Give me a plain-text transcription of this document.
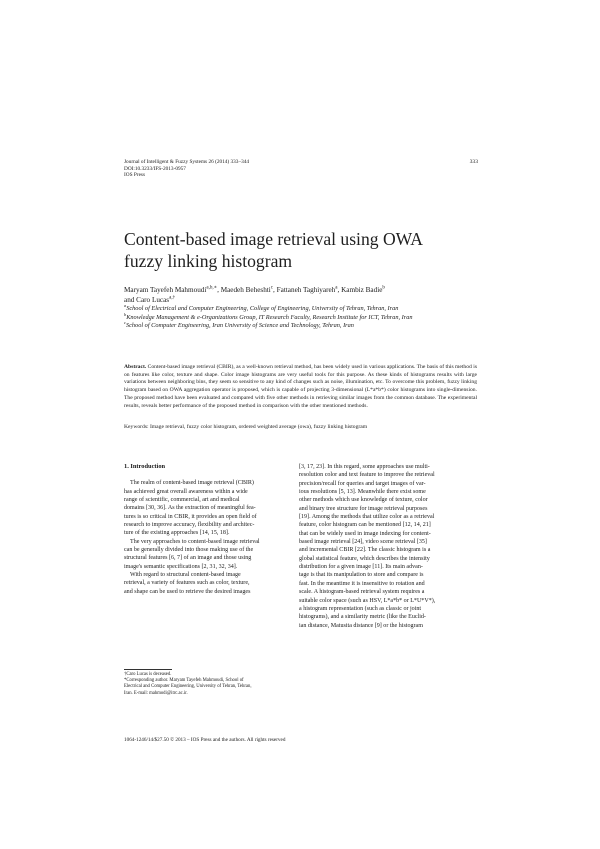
Journal of Intelligent & Fuzzy Systems 26 (2014) 333–344
DOI:10.3233/IFS-2013-0957
IOS Press
333
Content-based image retrieval using OWA
fuzzy linking histogram
Maryam Tayefeh Mahmoudi$^{a,b,∗}$, Maedeh Beheshti$^c$, Fattaneh Taghiyareh$^a$, Kambiz Badie$^b$
and Caro Lucas$^{a,\dagger}$
$^a$School of Electrical and Computer Engineering, College of Engineering, University of Tehran, Tehran, Iran
$^b$Knowledge Management & e-Organizations Group, IT Research Faculty, Research Institute for ICT, Tehran, Iran
$^c$School of Computer Engineering, Iran University of Science and Technology, Tehran, Iran
Abstract. Content-based image retrieval (CBIR), as a well-known retrieval method, has been widely used in various applications. The basis of this method is on features like color, texture and shape. Color image histograms are very useful tools for this purpose. As these kinds of histograms results with large variations between neighboring bins, they seem so sensitive to any kind of changes such as noise, illumination, etc. To overcome this problem, fuzzy linking histogram based on OWA aggregation operator is proposed, which is capable of projecting 3-dimensional (L*a*b*) color histograms into single-dimension. The proposed method have been evaluated and compared with five other methods in retrieving similar images from the common database. The experimental results, reveals better performance of the proposed method in comparison with the other mentioned methods.
Keywords: Image retrieval, fuzzy color histogram, ordered weighted average (owa), fuzzy linking histogram
1. Introduction
The realm of content-based image retrieval (CBIR)
has achieved great overall awareness within a wide
range of scientific, commercial, art and medical
domains [30, 36]. As the extraction of meaningful fea-
tures is so critical in CBIR, it provides an open field of
research to improve accuracy, flexibility and architec-
ture of the existing approaches [14, 15, 18].
The very approaches to content-based image retrieval
can be generally divided into those making use of the
structural features [6, 7] of an image and those using
image's semantic specifications [2, 31, 32, 34].
With regard to structural content-based image
retrieval, a variety of features such as color, texture,
and shape can be used to retrieve the desired images
[3, 17, 23]. In this regard, some approaches use multi-
resolution color and text feature to improve the retrieval
precision/recall for queries and target images of var-
ious resolutions [5, 13]. Meanwhile there exist some
other methods which use knowledge of texture, color
and binary tree structure for image retrieval purposes
[19]. Among the methods that utilize color as a retrieval
feature, color histogram can be mentioned [12, 14, 21]
that can be widely used in image indexing for content-
based image retrieval [24], video scene retrieval [35]
and incremental CBIR [22]. The classic histogram is a
global statistical feature, which describes the intensity
distribution for a given image [11]. Its main advan-
tage is that its manipulation to store and compare is
fast. In the meantime it is insensitive to rotation and
scale. A histogram-based retrieval system requires a
suitable color space (such as HSV, L*a*b* or L*U*V*),
a histogram representation (such as classic or joint
histograms), and a similarity metric (like the Euclid-
ian distance, Matusita distance [9] or the histogram
†Caro Lucas is deceased.
*Corresponding author. Maryam Tayefeh Mahmoudi, School of
Electrical and Computer Engineering, University of Tehran, Tehran,
Iran. E-mail: mahmodi@itrc.ac.ir.
1064-1246/14/$27.50 © 2013 – IOS Press and the authors. All rights reserved
